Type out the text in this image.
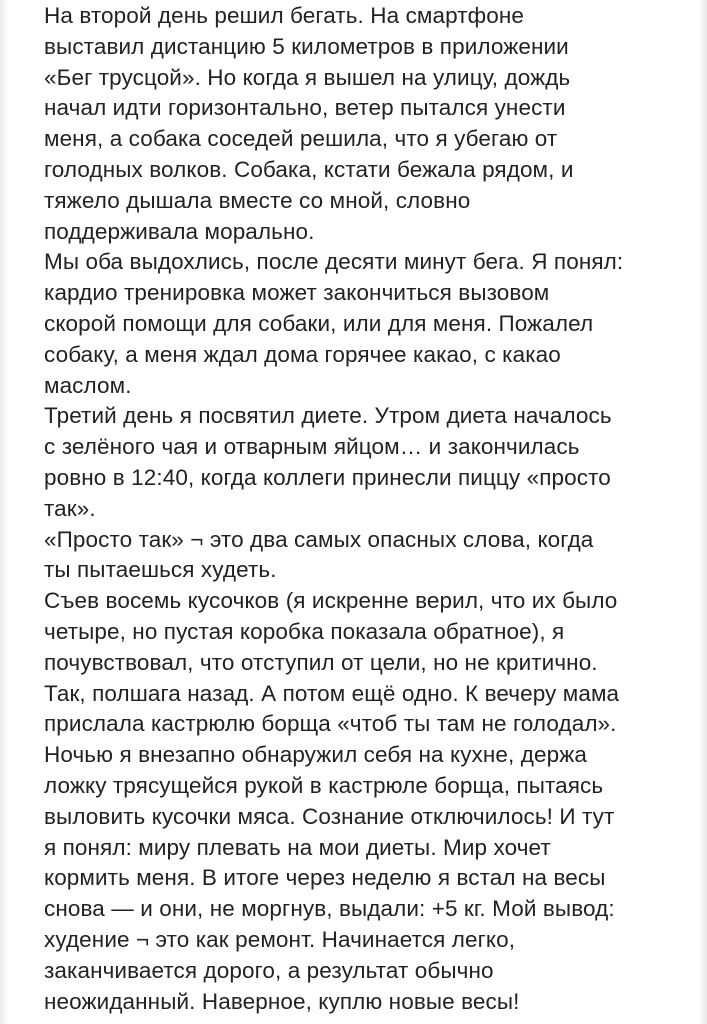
На второй день решил бегать. На смартфоне
выставил дистанцию 5 километров в приложении
«Бег трусцой». Но когда я вышел на улицу, дождь
начал идти горизонтально, ветер пытался унести
меня, а собака соседей решила, что я убегаю от
голодных волков. Собака, кстати бежала рядом, и
тяжело дышала вместе со мной, словно
поддерживала морально.

Мы оба выдохлись, после десяти минут бега. Я понял:
кардио тренировка может закончиться вызовом
скорой помощи для собаки, или для меня. Пожалел
собаку, а меня ждал дома горячее какао, с какао
маслом.

Третий день я посвятил диете. Утром диета началось
с зелёного чая и отварным яйцом… и закончилась
ровно в 12:40, когда коллеги принесли пиццу «просто
так».

«Просто так» ¬ это два самых опасных слова, когда
ты пытаешься худеть.

Съев восемь кусочков (я искренне верил, что их было
четыре, но пустая коробка показала обратное), я
почувствовал, что отступил от цели, но не критично.
Так, полшага назад. А потом ещё одно. К вечеру мама
прислала кастрюлю борща «чтоб ты там не голодал».
Ночью я внезапно обнаружил себя на кухне, держа
ложку трясущейся рукой в кастрюле борща, пытаясь
выловить кусочки мяса. Сознание отключилось! И тут
я понял: миру плевать на мои диеты. Мир хочет
кормить меня. В итоге через неделю я встал на весы
снова — и они, не моргнув, выдали: +5 кг. Мой вывод:
худение ¬ это как ремонт. Начинается легко,
заканчивается дорого, а результат обычно
неожиданный. Наверное, куплю новые весы!
